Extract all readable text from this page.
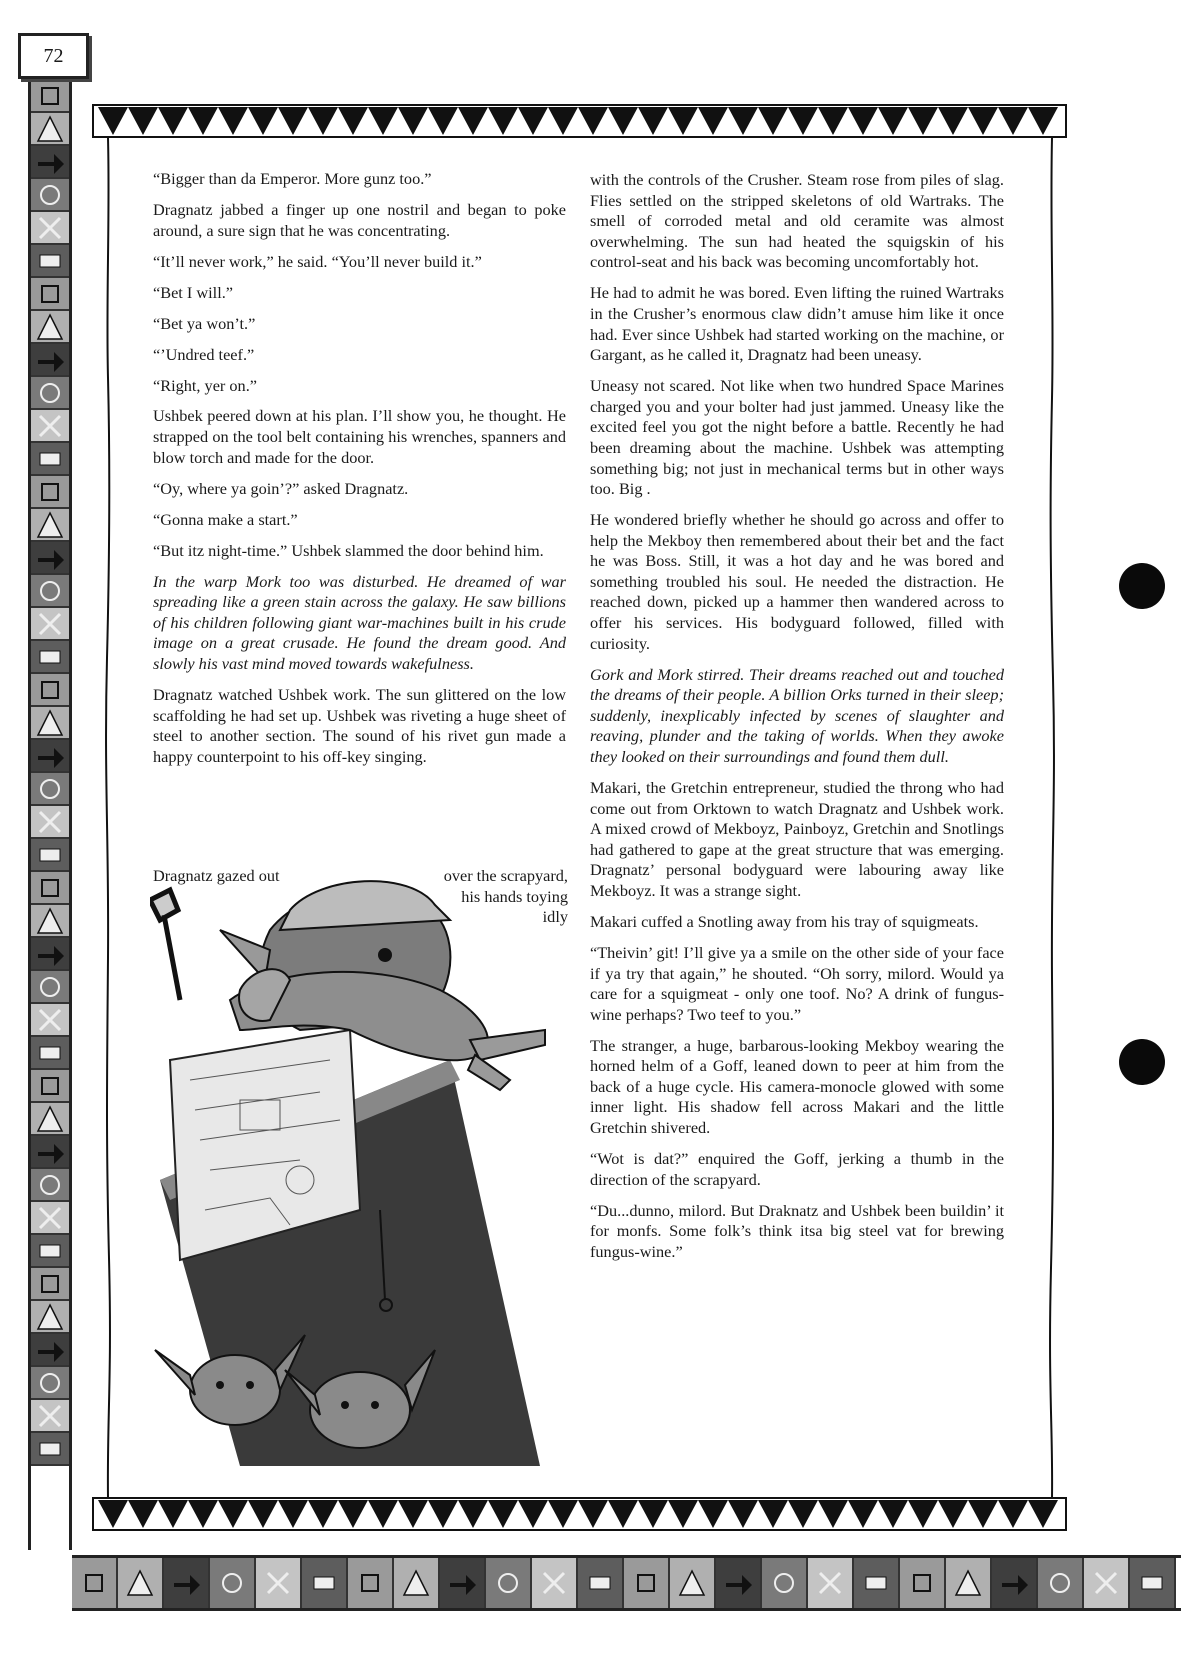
72

“Bigger than da Emperor. More gunz too.”

Dragnatz jabbed a finger up one nostril and began to poke around, a sure sign that he was concentrating.

“It’ll never work,” he said. “You’ll never build it.”

“Bet I will.”

“Bet ya won’t.”

“’Undred teef.”

“Right, yer on.”

Ushbek peered down at his plan. I’ll show you, he thought. He strapped on the tool belt containing his wrenches, spanners and blow torch and made for the door.

“Oy, where ya goin’?” asked Dragnatz.

“Gonna make a start.”

“But itz night-time.” Ushbek slammed the door behind him.

In the warp Mork too was disturbed. He dreamed of war spreading like a green stain across the galaxy. He saw billions of his children following giant war-machines built in his crude image on a great crusade. He found the dream good. And slowly his vast mind moved towards wakefulness.

Dragnatz watched Ushbek work. The sun glittered on the low scaffolding he had set up. Ushbek was riveting a huge sheet of steel to another section. The sound of his rivet gun made a happy counterpoint to his off-key singing.

Dragnatz gazed out	over the scrapyard,
his hands toying
idly

with the controls of the Crusher. Steam rose from piles of slag. Flies settled on the stripped skeletons of old Wartraks. The smell of corroded metal and old ceramite was almost overwhelming. The sun had heated the squigskin of his control-seat and his back was becoming uncomfortably hot.

He had to admit he was bored. Even lifting the ruined Wartraks in the Crusher’s enormous claw didn’t amuse him like it once had. Ever since Ushbek had started working on the machine, or Gargant, as he called it, Dragnatz had been uneasy.

Uneasy not scared. Not like when two hundred Space Marines charged you and your bolter had just jammed. Uneasy like the excited feel you got the night before a battle. Recently he had been dreaming about the machine. Ushbek was attempting something big; not just in mechanical terms but in other ways too. Big .

He wondered briefly whether he should go across and offer to help the Mekboy then remembered about their bet and the fact he was Boss. Still, it was a hot day and he was bored and something troubled his soul. He needed the distraction. He reached down, picked up a hammer then wandered across to offer his services. His bodyguard followed, filled with curiosity.

Gork and Mork stirred. Their dreams reached out and touched the dreams of their people. A billion Orks turned in their sleep; suddenly, inexplicably infected by scenes of slaughter and reaving, plunder and the taking of worlds. When they awoke they looked on their surroundings and found them dull.

Makari, the Gretchin entrepreneur, studied the throng who had come out from Orktown to watch Dragnatz and Ushbek work. A mixed crowd of Mekboyz, Painboyz, Gretchin and Snotlings had gathered to gape at the great structure that was emerging. Dragnatz’ personal bodyguard were labouring away like Mekboyz. It was a strange sight.

Makari cuffed a Snotling away from his tray of squigmeats.

“Theivin’ git! I’ll give ya a smile on the other side of your face if ya try that again,” he shouted. “Oh sorry, milord. Would ya care for a squigmeat - only one toof. No? A drink of fungus-wine perhaps? Two teef to you.”

The stranger, a huge, barbarous-looking Mekboy wearing the horned helm of a Goff, leaned down to peer at him from the back of a huge cycle. His camera-monocle glowed with some inner light. His shadow fell across Makari and the little Gretchin shivered.

“Wot is dat?” enquired the Goff, jerking a thumb in the direction of the scrapyard.

“Du...dunno, milord. But Draknatz and Ushbek been buildin’ it for monfs. Some folk’s think itsa big steel vat for brewing fungus-wine.”
